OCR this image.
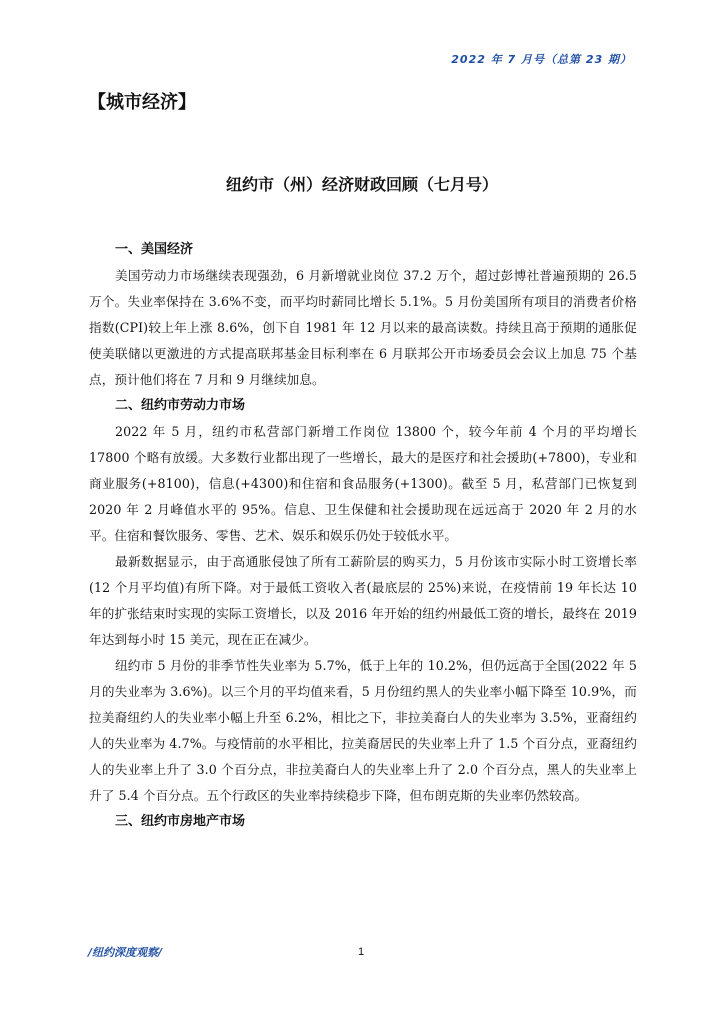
2022 年 7 月号（总第 23 期）
【城市经济】
纽约市（州）经济财政回顾（七月号）
一、美国经济

美国劳动力市场继续表现强劲，6 月新增就业岗位 37.2 万个，超过彭博社普遍预期的 26.5 万个。失业率保持在 3.6%不变，而平均时薪同比增长 5.1%。5 月份美国所有项目的消费者价格指数(CPI)较上年上涨 8.6%，创下自 1981 年 12 月以来的最高读数。持续且高于预期的通胀促使美联储以更激进的方式提高联邦基金目标利率在 6 月联邦公开市场委员会会议上加息 75 个基点，预计他们将在 7 月和 9 月继续加息。

二、纽约市劳动力市场

2022 年 5 月，纽约市私营部门新增工作岗位 13800 个，较今年前 4 个月的平均增长 17800 个略有放缓。大多数行业都出现了一些增长，最大的是医疗和社会援助(+7800)，专业和商业服务(+8100)，信息(+4300)和住宿和食品服务(+1300)。截至 5 月，私营部门已恢复到 2020 年 2 月峰值水平的 95%。信息、卫生保健和社会援助现在远远高于 2020 年 2 月的水平。住宿和餐饮服务、零售、艺术、娱乐和娱乐仍处于较低水平。

最新数据显示，由于高通胀侵蚀了所有工薪阶层的购买力，5 月份该市实际小时工资增长率(12 个月平均值)有所下降。对于最低工资收入者(最底层的 25%)来说，在疫情前 19 年长达 10 年的扩张结束时实现的实际工资增长，以及 2016 年开始的纽约州最低工资的增长，最终在 2019 年达到每小时 15 美元，现在正在减少。

纽约市 5 月份的非季节性失业率为 5.7%，低于上年的 10.2%，但仍远高于全国(2022 年 5 月的失业率为 3.6%)。以三个月的平均值来看，5 月份纽约黑人的失业率小幅下降至 10.9%，而拉美裔纽约人的失业率小幅上升至 6.2%，相比之下，非拉美裔白人的失业率为 3.5%，亚裔纽约人的失业率为 4.7%。与疫情前的水平相比，拉美裔居民的失业率上升了 1.5 个百分点，亚裔纽约人的失业率上升了 3.0 个百分点，非拉美裔白人的失业率上升了 2.0 个百分点，黑人的失业率上升了 5.4 个百分点。五个行政区的失业率持续稳步下降，但布朗克斯的失业率仍然较高。

三、纽约市房地产市场
/纽约深度观察/	1
